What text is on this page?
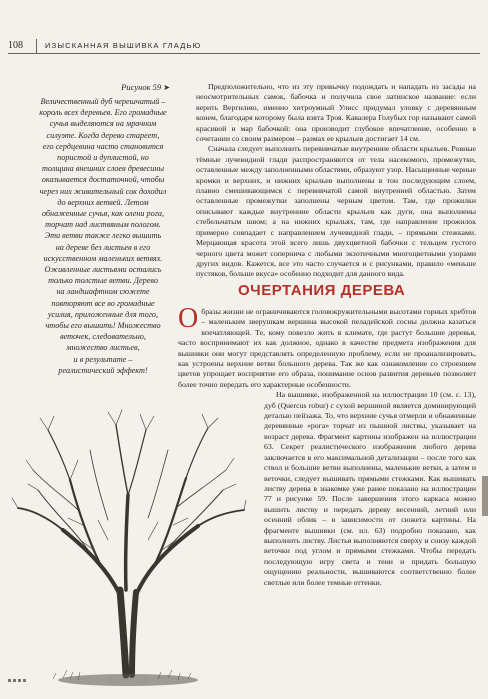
108	ИЗЫСКАННАЯ ВЫШИВКА ГЛАДЬЮ
Рисунок 59 ➤
Величественный дуб черешчатый –
король всех деревьев. Его громадные
сучья выделяются на мрачном
силуэте. Когда дерево стареет,
его сердцевина часто становится
пористой и дуплистой, но
толщина внешних слоев древесины
оказывается достаточной, чтобы
через них живительный сок доходил
до верхних ветвей. Летом
обнаженные сучья, как олени рога,
торчат над листвяным пологом.
Эти ветви также легко вышить
на дереве без листьев в его
искусственном маленьких ветвях.
Оживленные листьями остались
только толстые ветви. Дерево
на ландшафтном сюжете
повторяют все во громадные
усилия, приложенные для того,
чтобы его вышить! Множество
веточек, следовательно,
множество листьев,
и в результате –
реалистический эффект!

Предположительно, что из эту привычку подождать и нападать из засады на неосмотрительных самок, бабочка и получила свое латинское название: если верить Вергилию, именно хитроумный Улисс придумал уловку с деревянным конем, благодаря которому была взята Троя. Кавалера Голубых гор называют самой красивой и мар бабочкой: она производит глубокое впечатление, особенно в сочетании со своим размером – размах ее крыльев достигает 14 см.

Сначала следует выполнить перевивчатые внутренние области крыльев. Ровные тёмные лучевидной глади распространяются от тела насекомого, промежутки, оставленные между заполненными областями, образуют узор. Насыщенные черные кромки и верхних, и нижних крыльев выполнены в тон последующим слоем, плавно смешивающимся с перевивчатой самой внутренней областью. Затем оставленные промежутки заполнены черным цветом. Там, где прожилки описывают каждые внутренние области крыльев как дуги, она выполнены стебельчатым швом; а на нижних крыльях, там, где направление прожилок примерно совпадает с направлением лучевидной глади, – прямыми стежками. Мерцающая красота этой всего лишь двухцветной бабочки с тельцем густого черного цвета может сопернича с любыми экзотичными многоцветными узорами других видов. Кажется, все это часто случается и с рисунками, правило «меньше пустяков, больше вкуса» особенно подходит для данного вида.

ОЧЕРТАНИЯ ДЕРЕВА

Образы жизни не ограничиваются головокружительными высотами горных хребтов – маленьким зверушкам вершина высокой пеладейской сосны должна казаться впечатляющей. Те, кому повезло жить в климате, где растут большие деревья, часто воспринимают их как должное, однако в качестве предмета изображения для вышивки они могут представлять определенную проблему, если не проанализировать, как устроены верхние ветви большого дерева. Так же как ознакомление со строением цветов упрощает восприятие его образа, понимание основ развития деревьев позволяет более точно передать его характерные особенности.

На вышивке, изображенной на иллюстрации 10 (см. с. 13), дуб (Quercus robur) с сухой вершиной является доминирующей деталью пейзажа. То, что верхние сучья отмерли и обнаженные деревянные «рога» торчат из пышной листвы, указывает на возраст дерева. Фрагмент картины изображен на иллюстрации 63. Секрет реалистического изображения любого дерева заключается в его максимальной детализации – после того как ствол и большие ветви выполнены, маленькие ветки, а затем и веточки, следует вышивать прямыми стежками. Как вышивать листву дерева в знакомке уже ранее показано на иллюстрации 77 и рисунке 59. После завершения этого каркаса можно вышить листву и передать дереву весенний, летний или осенний облик – в зависимости от сюжета картины. На фрагменте вышивки (см. ил. 63) подробно показано, как выполнить листву. Листья выполняются сверху и снизу каждой веточки под углом и прямыми стежками. Чтобы передать последующую игру света и тени и придать большую ощущению реальности, вышиваются соответственно более светлые или более темные оттенки.
